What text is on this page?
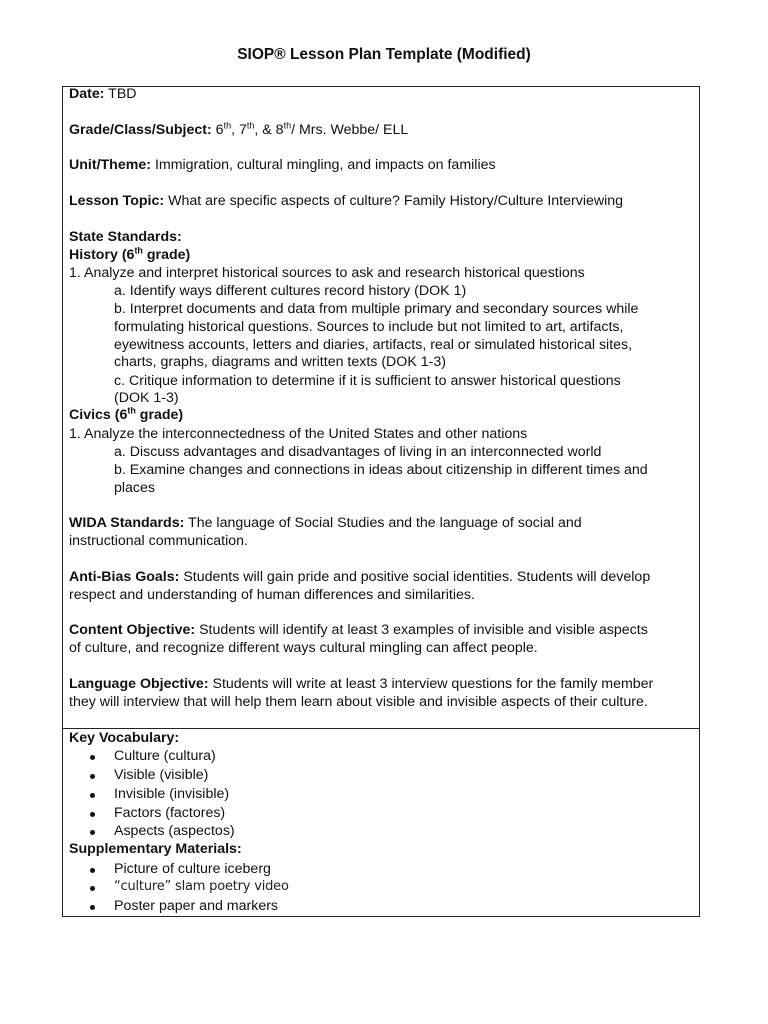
SIOP® Lesson Plan Template (Modified)
Date: TBD
Grade/Class/Subject: 6th, 7th, & 8th/ Mrs. Webbe/ ELL
Unit/Theme: Immigration, cultural mingling, and impacts on families
Lesson Topic: What are specific aspects of culture? Family History/Culture Interviewing
State Standards:
History (6th grade)
1. Analyze and interpret historical sources to ask and research historical questions
a. Identify ways different cultures record history (DOK 1)
b. Interpret documents and data from multiple primary and secondary sources while
formulating historical questions. Sources to include but not limited to art, artifacts,
eyewitness accounts, letters and diaries, artifacts, real or simulated historical sites,
charts, graphs, diagrams and written texts (DOK 1-3)
c. Critique information to determine if it is sufficient to answer historical questions
(DOK 1-3)
Civics (6th grade)
1. Analyze the interconnectedness of the United States and other nations
a. Discuss advantages and disadvantages of living in an interconnected world
b. Examine changes and connections in ideas about citizenship in different times and
places
WIDA Standards: The language of Social Studies and the language of social and
instructional communication.
Anti-Bias Goals: Students will gain pride and positive social identities. Students will develop
respect and understanding of human differences and similarities.
Content Objective: Students will identify at least 3 examples of invisible and visible aspects
of culture, and recognize different ways cultural mingling can affect people.
Language Objective: Students will write at least 3 interview questions for the family member
they will interview that will help them learn about visible and invisible aspects of their culture.
Key Vocabulary:
Culture (cultura)
Visible (visible)
Invisible (invisible)
Factors (factores)
Aspects (aspectos)
Supplementary Materials:
Picture of culture iceberg
“culture” slam poetry video
Poster paper and markers
